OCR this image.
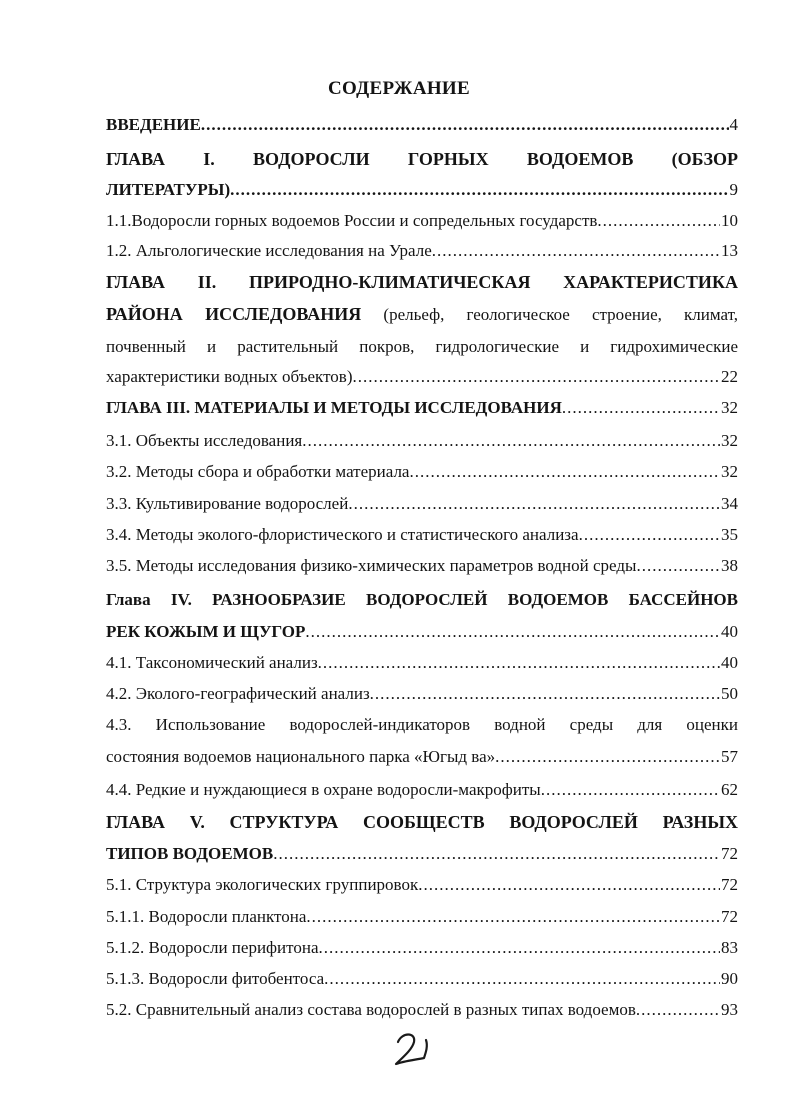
СОДЕРЖАНИЕ
ВВЕДЕНИЕ .....	4
ГЛАВА I. ВОДОРОСЛИ ГОРНЫХ ВОДОЕМОВ (ОБЗОР
ЛИТЕРАТУРЫ) .....	9
1.1.Водоросли горных водоемов России и сопредельных государств .....	10
1.2. Альгологические исследования на Урале .....	13
ГЛАВА II. ПРИРОДНО-КЛИМАТИЧЕСКАЯ ХАРАКТЕРИСТИКА
РАЙОНА ИССЛЕДОВАНИЯ (рельеф, геологическое строение, климат,
почвенный и растительный покров, гидрологические и гидрохимические
характеристики водных объектов) .....	22
ГЛАВА III. МАТЕРИАЛЫ И МЕТОДЫ ИССЛЕДОВАНИЯ .....	32
3.1. Объекты исследования .....	32
3.2. Методы сбора и обработки материала .....	32
3.3. Культивирование водорослей .....	34
3.4. Методы эколого-флористического и статистического анализа .....	35
3.5. Методы исследования физико-химических параметров водной среды .....	38
Глава IV. РАЗНООБРАЗИЕ ВОДОРОСЛЕЙ ВОДОЕМОВ БАССЕЙНОВ
РЕК КОЖЫМ И ЩУГОР .....	40
4.1. Таксономический анализ .....	40
4.2. Эколого-географический анализ .....	50
4.3. Использование водорослей-индикаторов водной среды для оценки
состояния водоемов национального парка «Югыд ва» .....	57
4.4. Редкие и нуждающиеся в охране водоросли-макрофиты .....	62
ГЛАВА V. СТРУКТУРА СООБЩЕСТВ ВОДОРОСЛЕЙ РАЗНЫХ
ТИПОВ ВОДОЕМОВ .....	72
5.1. Структура экологических группировок .....	72
5.1.1. Водоросли планктона .....	72
5.1.2. Водоросли перифитона .....	83
5.1.3. Водоросли фитобентоса .....	90
5.2. Сравнительный анализ состава водорослей в разных типах водоемов .....	93
